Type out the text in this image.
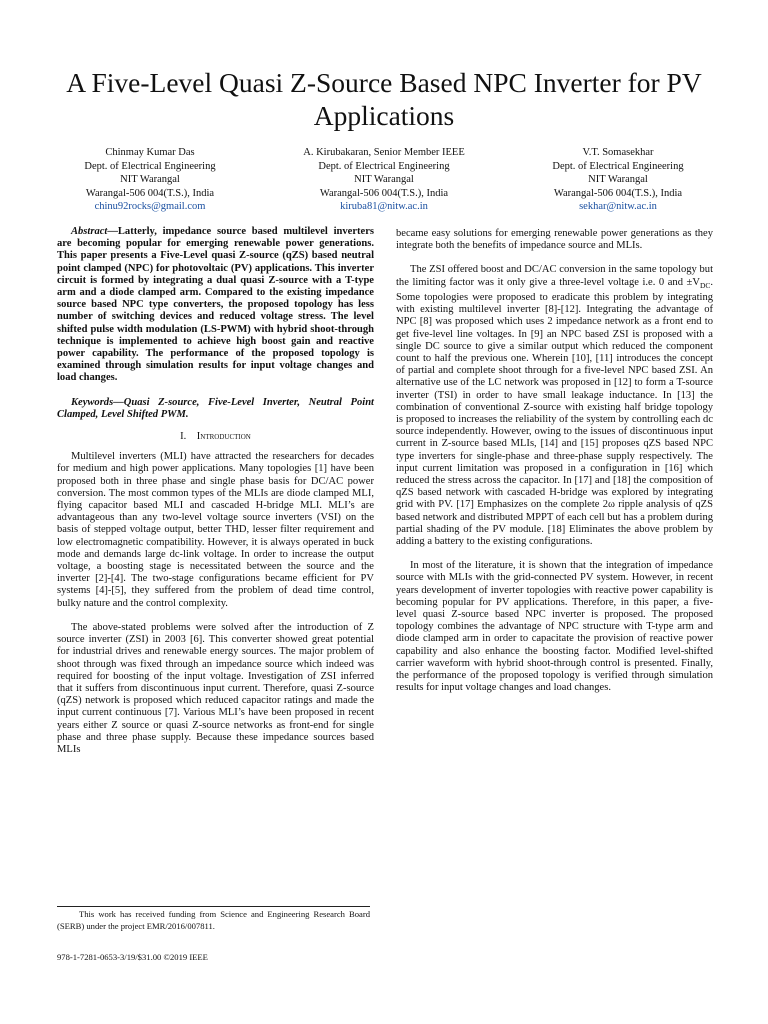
A Five-Level Quasi Z-Source Based NPC Inverter for PV Applications
Chinmay Kumar Das
Dept. of Electrical Engineering
NIT Warangal
Warangal-506 004(T.S.), India
chinu92rocks@gmail.com
A. Kirubakaran, Senior Member IEEE
Dept. of Electrical Engineering
NIT Warangal
Warangal-506 004(T.S.), India
kiruba81@nitw.ac.in
V.T. Somasekhar
Dept. of Electrical Engineering
NIT Warangal
Warangal-506 004(T.S.), India
sekhar@nitw.ac.in

Abstract—Latterly, impedance source based multilevel inverters are becoming popular for emerging renewable power generations. This paper presents a Five-Level quasi Z-source (qZS) based neutral point clamped (NPC) for photovoltaic (PV) applications. This inverter circuit is formed by integrating a dual quasi Z-source with a T-type arm and a diode clamped arm. Compared to the existing impedance source based NPC type converters, the proposed topology has less number of switching devices and reduced voltage stress. The level shifted pulse width modulation (LS-PWM) with hybrid shoot-through technique is implemented to achieve high boost gain and reactive power capability. The performance of the proposed topology is examined through simulation results for input voltage changes and load changes.

Keywords—Quasi Z-source, Five-Level Inverter, Neutral Point Clamped, Level Shifted PWM.

I. Introduction

Multilevel inverters (MLI) have attracted the researchers for decades for medium and high power applications. Many topologies [1] have been proposed both in three phase and single phase basis for DC/AC power conversion. The most common types of the MLIs are diode clamped MLI, flying capacitor based MLI and cascaded H-bridge MLI. MLI’s are advantageous than any two-level voltage source inverters (VSI) on the basis of stepped voltage output, better THD, lesser filter requirement and low electromagnetic compatibility. However, it is always operated in buck mode and demands large dc-link voltage. In order to increase the output voltage, a boosting stage is necessitated between the source and the inverter [2]-[4]. The two-stage configurations became efficient for PV systems [4]-[5], they suffered from the problem of dead time control, bulky nature and the control complexity.

The above-stated problems were solved after the introduction of Z source inverter (ZSI) in 2003 [6]. This converter showed great potential for industrial drives and renewable energy sources. The major problem of shoot through was fixed through an impedance source which indeed was required for boosting of the input voltage. Investigation of ZSI inferred that it suffers from discontinuous input current. Therefore, quasi Z-source (qZS) network is proposed which reduced capacitor ratings and made the input current continuous [7]. Various MLI’s have been proposed in recent years either Z source or quasi Z-source networks as front-end for single phase and three phase supply. Because these impedance sources based MLIs

became easy solutions for emerging renewable power generations as they integrate both the benefits of impedance source and MLIs.

The ZSI offered boost and DC/AC conversion in the same topology but the limiting factor was it only give a three-level voltage i.e. 0 and $\pm V_{DC}$. Some topologies were proposed to eradicate this problem by integrating with existing multilevel inverter [8]-[12]. Integrating the advantage of NPC [8] was proposed which uses 2 impedance network as a front end to get five-level line voltages. In [9] an NPC based ZSI is proposed with a single DC source to give a similar output which reduced the component count to half the previous one. Wherein [10], [11] introduces the concept of partial and complete shoot through for a five-level NPC based ZSI. An alternative use of the LC network was proposed in [12] to form a T-source inverter (TSI) in order to have small leakage inductance. In [13] the combination of conventional Z-source with existing half bridge topology is proposed to increases the reliability of the system by controlling each dc source independently. However, owing to the issues of discontinuous input current in Z-source based MLIs, [14] and [15] proposes qZS based NPC type inverters for single-phase and three-phase supply respectively. The input current limitation was proposed in a configuration in [16] which reduced the stress across the capacitor. In [17] and [18] the composition of qZS based network with cascaded H-bridge was explored by integrating grid with PV. [17] Emphasizes on the complete 2ω ripple analysis of qZS based network and distributed MPPT of each cell but has a problem during partial shading of the PV module. [18] Eliminates the above problem by adding a battery to the existing configurations.

In most of the literature, it is shown that the integration of impedance source with MLIs with the grid-connected PV system. However, in recent years development of inverter topologies with reactive power capability is becoming popular for PV applications. Therefore, in this paper, a five-level quasi Z-source based NPC inverter is proposed. The proposed topology combines the advantage of NPC structure with T-type arm and diode clamped arm in order to capacitate the provision of reactive power capability and also enhance the boosting factor. Modified level-shifted carrier waveform with hybrid shoot-through control is presented. Finally, the performance of the proposed topology is verified through simulation results for input voltage changes and load changes.

This work has received funding from Science and Engineering Research Board (SERB) under the project EMR/2016/007811.
978-1-7281-0653-3/19/$31.00 ©2019 IEEE
